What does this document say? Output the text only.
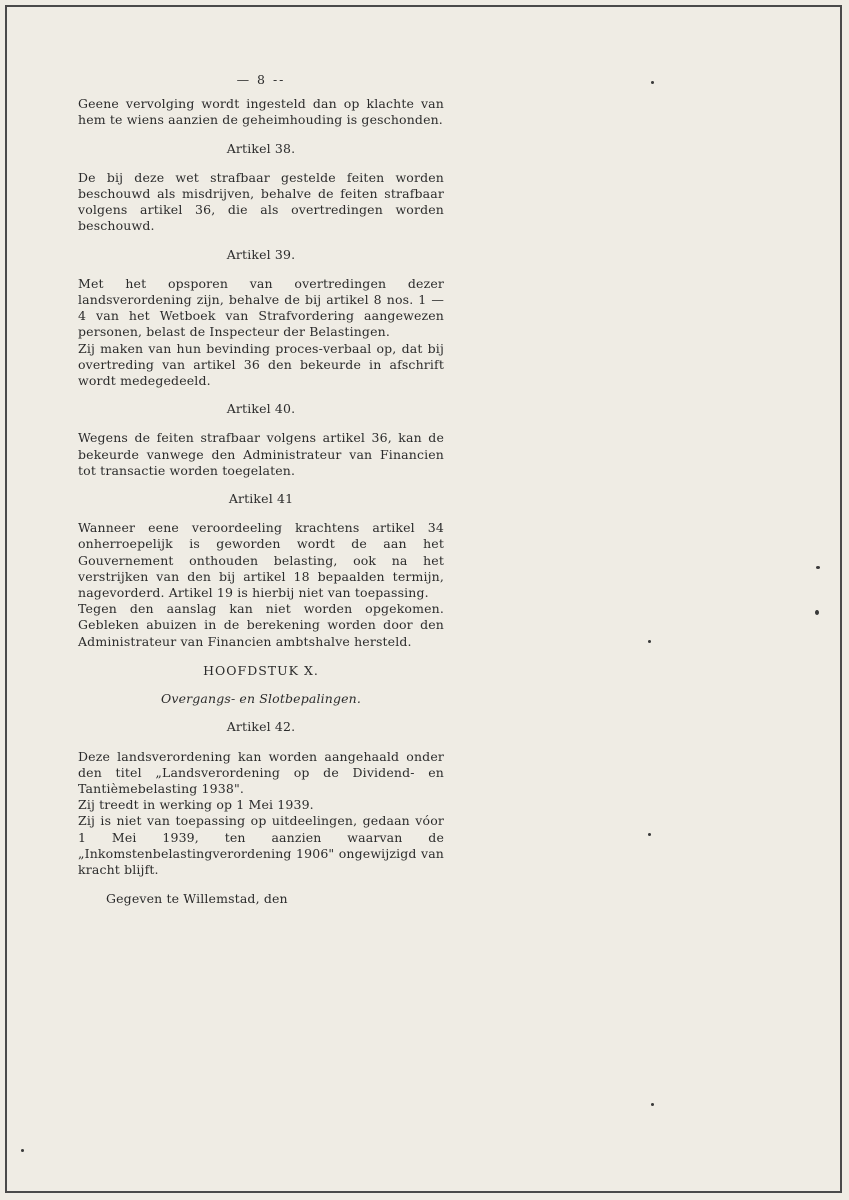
— 8 --

Geene vervolging wordt ingesteld dan op klachte van hem te wiens aanzien de geheimhouding is geschonden.

Artikel 38.

De bij deze wet strafbaar gestelde feiten worden beschouwd als misdrijven, behalve de feiten strafbaar volgens artikel 36, die als overtredingen worden beschouwd.

Artikel 39.

Met het opsporen van overtredingen dezer landsverordening zijn, behalve de bij artikel 8 nos. 1 — 4 van het Wetboek van Strafvordering aangewezen personen, belast de Inspecteur der Belastingen.

Zij maken van hun bevinding proces-verbaal op, dat bij overtreding van artikel 36 den bekeurde in afschrift wordt medegedeeld.

Artikel 40.

Wegens de feiten strafbaar volgens artikel 36, kan de bekeurde vanwege den Administrateur van Financien tot transactie worden toegelaten.

Artikel 41

Wanneer eene veroordeeling krachtens artikel 34 onherroepelijk is geworden wordt de aan het Gouvernement onthouden belasting, ook na het verstrijken van den bij artikel 18 bepaalden termijn, nagevorderd. Artikel 19 is hierbij niet van toepassing.

Tegen den aanslag kan niet worden opgekomen. Gebleken abuizen in de berekening worden door den Administrateur van Financien ambtshalve hersteld.

HOOFDSTUK X.

Overgangs- en Slotbepalingen.

Artikel 42.

Deze landsverordening kan worden aangehaald onder den titel „Landsverordening op de Dividend- en Tantièmebelasting 1938".

Zij treedt in werking op 1 Mei 1939.

Zij is niet van toepassing op uitdeelingen, gedaan vóor 1 Mei 1939, ten aanzien waarvan de „Inkomstenbelastingverordening 1906" ongewijzigd van kracht blijft.

Gegeven te Willemstad, den
